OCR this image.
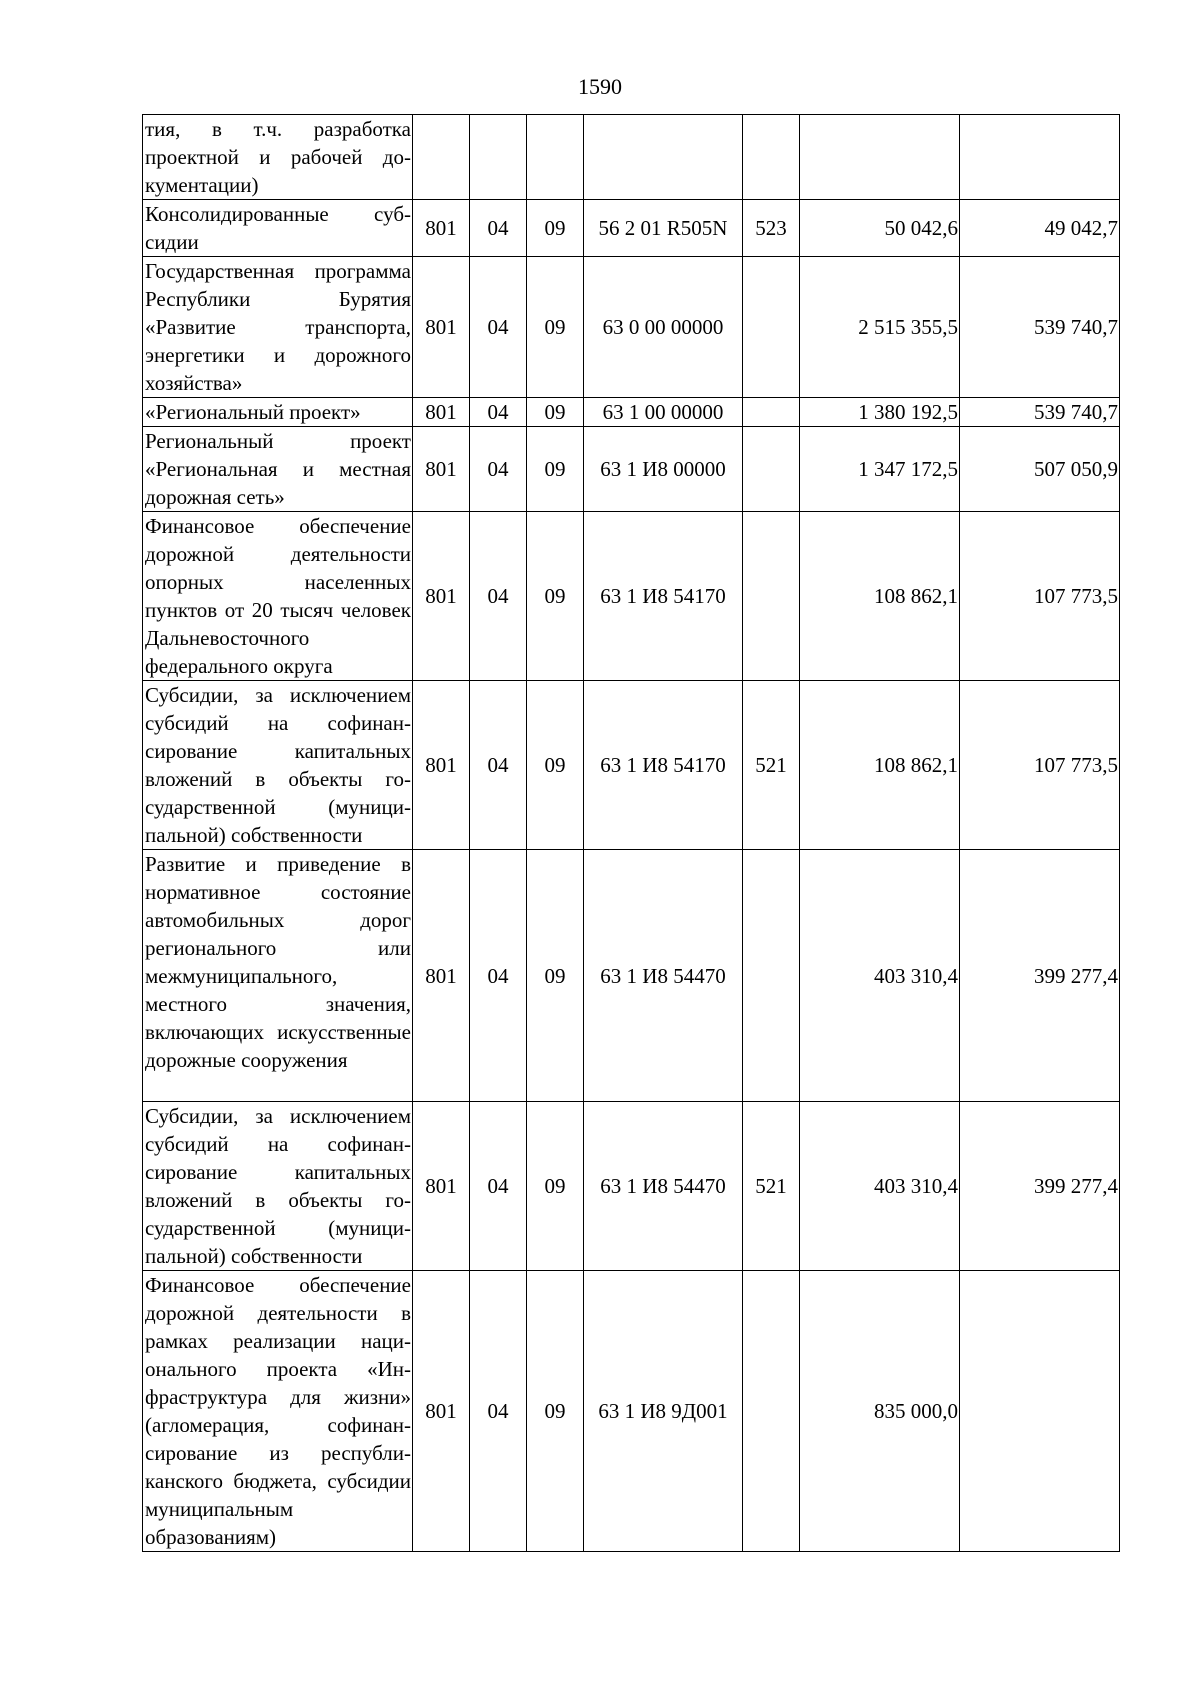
1590
тия, в т.ч. разработка проектной и рабочей документации)							
Консолидированные субсидии	801	04	09	56 2 01 R505N	523	50 042,6	49 042,7
Государственная программа Республики Бурятия «Развитие транспорта, энергетики и дорожного хозяйства»	801	04	09	63 0 00 00000		2 515 355,5	539 740,7
«Региональный проект»	801	04	09	63 1 00 00000		1 380 192,5	539 740,7
Региональный проект «Региональная и местная дорожная сеть»	801	04	09	63 1 И8 00000		1 347 172,5	507 050,9
Финансовое обеспечение дорожной деятельности опорных населенных пунктов от 20 тысяч человек Дальневосточного федерального округа	801	04	09	63 1 И8 54170		108 862,1	107 773,5
Субсидии, за исключением субсидий на софинансирование капитальных вложений в объекты государственной (муниципальной) собственности	801	04	09	63 1 И8 54170	521	108 862,1	107 773,5
Развитие и приведение в нормативное состояние автомобильных дорог регионального или межмуниципального, местного значения, включающих искусственные дорожные сооружения	801	04	09	63 1 И8 54470		403 310,4	399 277,4
Субсидии, за исключением субсидий на софинансирование капитальных вложений в объекты государственной (муниципальной) собственности	801	04	09	63 1 И8 54470	521	403 310,4	399 277,4
Финансовое обеспечение дорожной деятельности в рамках реализации национального проекта «Инфраструктура для жизни» (агломерация, софинансирование из республиканского бюджета, субсидии муниципальным образованиям)	801	04	09	63 1 И8 9Д001		835 000,0	
